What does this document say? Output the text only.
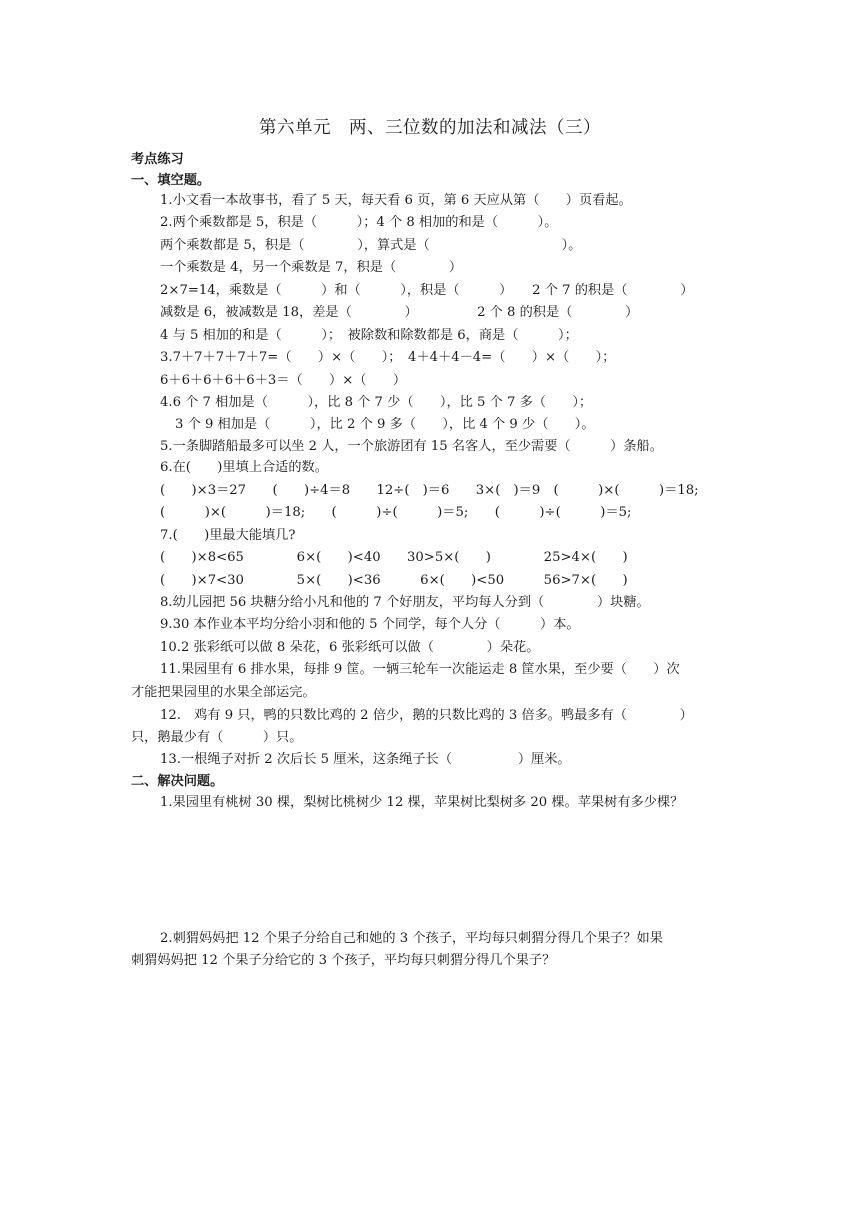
第六单元　两、三位数的加法和减法（三）
考点练习
一、填空题。
1.小文看一本故事书，看了 5 天，每天看 6 页，第 6 天应从第（　　）页看起。
2.两个乘数都是 5，积是（　　　）；4 个 8 相加的和是（　　　）。
两个乘数都是 5，积是（　　　　），算式是（　　　　　　　　　　）。
一个乘数是 4，另一个乘数是 7，积是（　　　　）
2×7=14，乘数是（　　　）和（　　　），积是（　　　）　　2 个 7 的积是（　　　　）
减数是 6，被减数是 18，差是（　　　　）　　　　　2 个 8 的积是（　　　　）
4 与 5 相加的和是（　　　）；　被除数和除数都是 6，商是（　　　）；
3.7＋7＋7＋7＋7=（　　）×（　　）；　4＋4＋4－4=（　　）×（　　）；
6＋6＋6＋6＋6＋3＝（　　）×（　　）
4.6 个 7 相加是（　　　），比 8 个 7 少（　　），比 5 个 7 多（　　）；
3 个 9 相加是（　　　），比 2 个 9 多（　　），比 4 个 9 少（　　）。
5.一条脚踏船最多可以坐 2 人，一个旅游团有 15 名客人，至少需要（　　　）条船。
6.在(　　)里填上合适的数。
(　　)×3＝27　　(　　)÷4＝8　　12÷(　)＝6　　3×(　)＝9　(　　　)×(　　　)＝18;
(　　　)×(　　　)＝18;　　(　　　)÷(　　　)＝5;　　(　　　)÷(　　　)＝5;
7.(　　)里最大能填几?
(　　)×8<65　　　　6×(　　)<40　　30>5×(　　)　　　　25>4×(　　)
(　　)×7<30　　　　5×(　　)<36　　　6×(　　)<50　　　56>7×(　　)
8.幼儿园把 56 块糖分给小凡和他的 7 个好朋友，平均每人分到（　　　　）块糖。
9.30 本作业本平均分给小羽和他的 5 个同学，每个人分（　　　）本。
10.2 张彩纸可以做 8 朵花，6 张彩纸可以做（　　　　）朵花。
11.果园里有 6 排水果，每排 9 筐。一辆三轮车一次能运走 8 筐水果，至少要（　　）次
才能把果园里的水果全部运完。
12.　鸡有 9 只，鸭的只数比鸡的 2 倍少，鹅的只数比鸡的 3 倍多。鸭最多有（　　　　）
只，鹅最少有（　　　）只。
13.一根绳子对折 2 次后长 5 厘米，这条绳子长（　　　　　）厘米。
二、解决问题。
1.果园里有桃树 30 棵，梨树比桃树少 12 棵，苹果树比梨树多 20 棵。苹果树有多少棵？
2.刺猬妈妈把 12 个果子分给自己和她的 3 个孩子，平均每只刺猬分得几个果子？如果
刺猬妈妈把 12 个果子分给它的 3 个孩子，平均每只刺猬分得几个果子？
